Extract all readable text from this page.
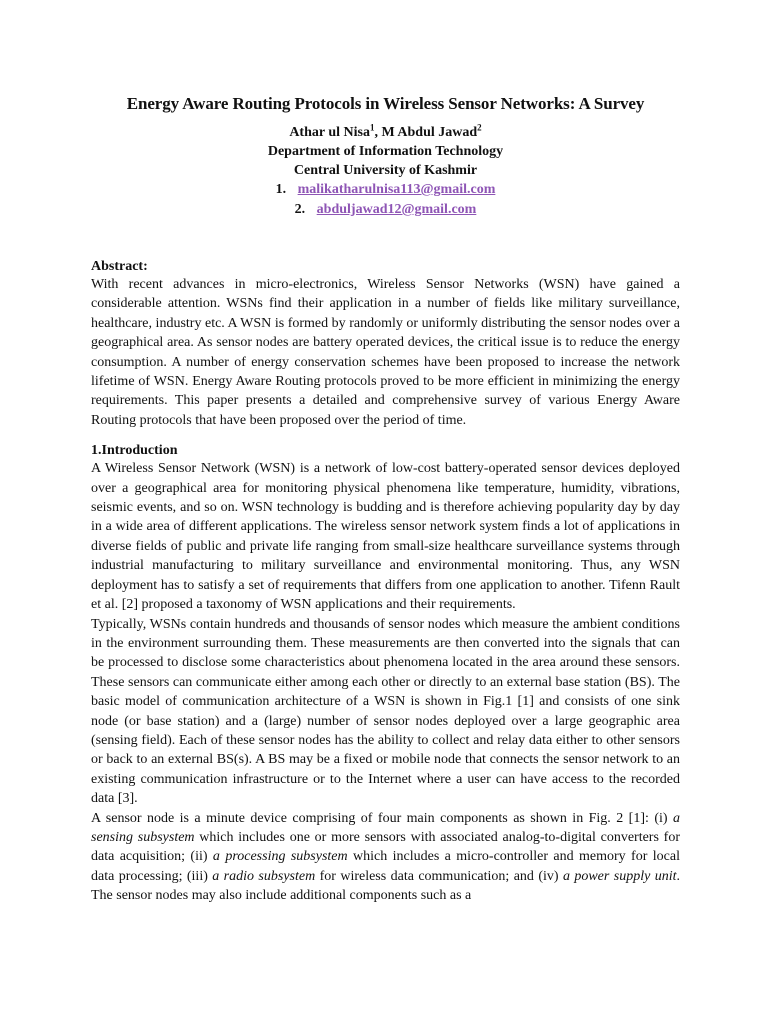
Energy Aware Routing Protocols in Wireless Sensor Networks: A Survey
Athar ul Nisa$^1$, M Abdul Jawad$^2$
Department of Information Technology
Central University of Kashmir
1. malikatharulnisa113@gmail.com
2. abduljawad12@gmail.com
Abstract:

With recent advances in micro-electronics, Wireless Sensor Networks (WSN) have gained a considerable attention. WSNs find their application in a number of fields like military surveillance, healthcare, industry etc. A WSN is formed by randomly or uniformly distributing the sensor nodes over a geographical area. As sensor nodes are battery operated devices, the critical issue is to reduce the energy consumption. A number of energy conservation schemes have been proposed to increase the network lifetime of WSN. Energy Aware Routing protocols proved to be more efficient in minimizing the energy requirements. This paper presents a detailed and comprehensive survey of various Energy Aware Routing protocols that have been proposed over the period of time.

1.Introduction

A Wireless Sensor Network (WSN) is a network of low-cost battery-operated sensor devices deployed over a geographical area for monitoring physical phenomena like temperature, humidity, vibrations, seismic events, and so on. WSN technology is budding and is therefore achieving popularity day by day in a wide area of different applications. The wireless sensor network system finds a lot of applications in diverse fields of public and private life ranging from small-size healthcare surveillance systems through industrial manufacturing to military surveillance and environmental monitoring. Thus, any WSN deployment has to satisfy a set of requirements that differs from one application to another. Tifenn Rault et al. [2] proposed a taxonomy of WSN applications and their requirements.

Typically, WSNs contain hundreds and thousands of sensor nodes which measure the ambient conditions in the environment surrounding them. These measurements are then converted into the signals that can be processed to disclose some characteristics about phenomena located in the area around these sensors. These sensors can communicate either among each other or directly to an external base station (BS). The basic model of communication architecture of a WSN is shown in Fig.1 [1] and consists of one sink node (or base station) and a (large) number of sensor nodes deployed over a large geographic area (sensing field). Each of these sensor nodes has the ability to collect and relay data either to other sensors or back to an external BS(s). A BS may be a fixed or mobile node that connects the sensor network to an existing communication infrastructure or to the Internet where a user can have access to the recorded data [3].

A sensor node is a minute device comprising of four main components as shown in Fig. 2 [1]: (i) a sensing subsystem which includes one or more sensors with associated analog-to-digital converters for data acquisition; (ii) a processing subsystem which includes a micro-controller and memory for local data processing; (iii) a radio subsystem for wireless data communication; and (iv) a power supply unit. The sensor nodes may also include additional components such as a
